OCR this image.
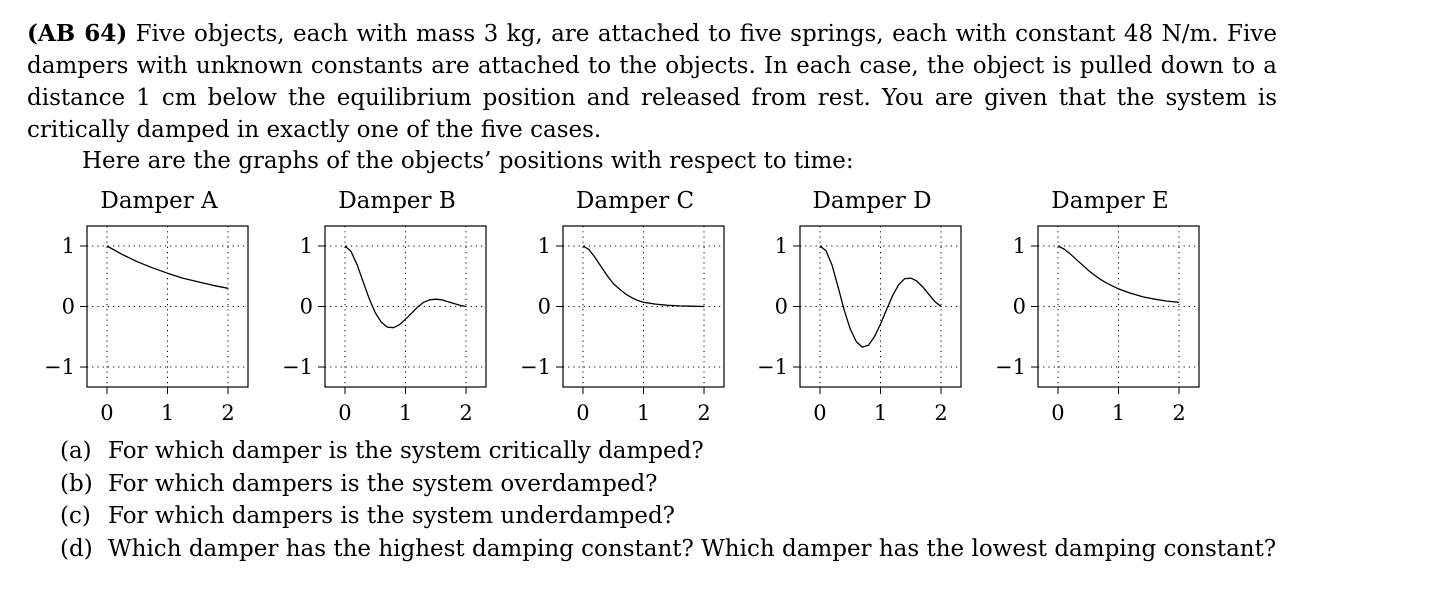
(AB 64) Five objects, each with mass 3 kg, are attached to five springs, each with constant 48 N/m. Five dampers with unknown constants are attached to the objects. In each case, the object is pulled down to a distance 1 cm below the equilibrium position and released from rest. You are given that the system is critically damped in exactly one of the five cases.
Here are the graphs of the objects’ positions with respect to time:
Damper A	Damper B	Damper C	Damper D	Damper E
1
0
−1
0 1 2
1
0
−1
0 1 2
1
0
−1
0 1 2
1
0
−1
0 1 2
1
0
−1
0 1 2
(a) For which damper is the system critically damped?
(b) For which dampers is the system overdamped?
(c) For which dampers is the system underdamped?
(d) Which damper has the highest damping constant? Which damper has the lowest damping constant?
